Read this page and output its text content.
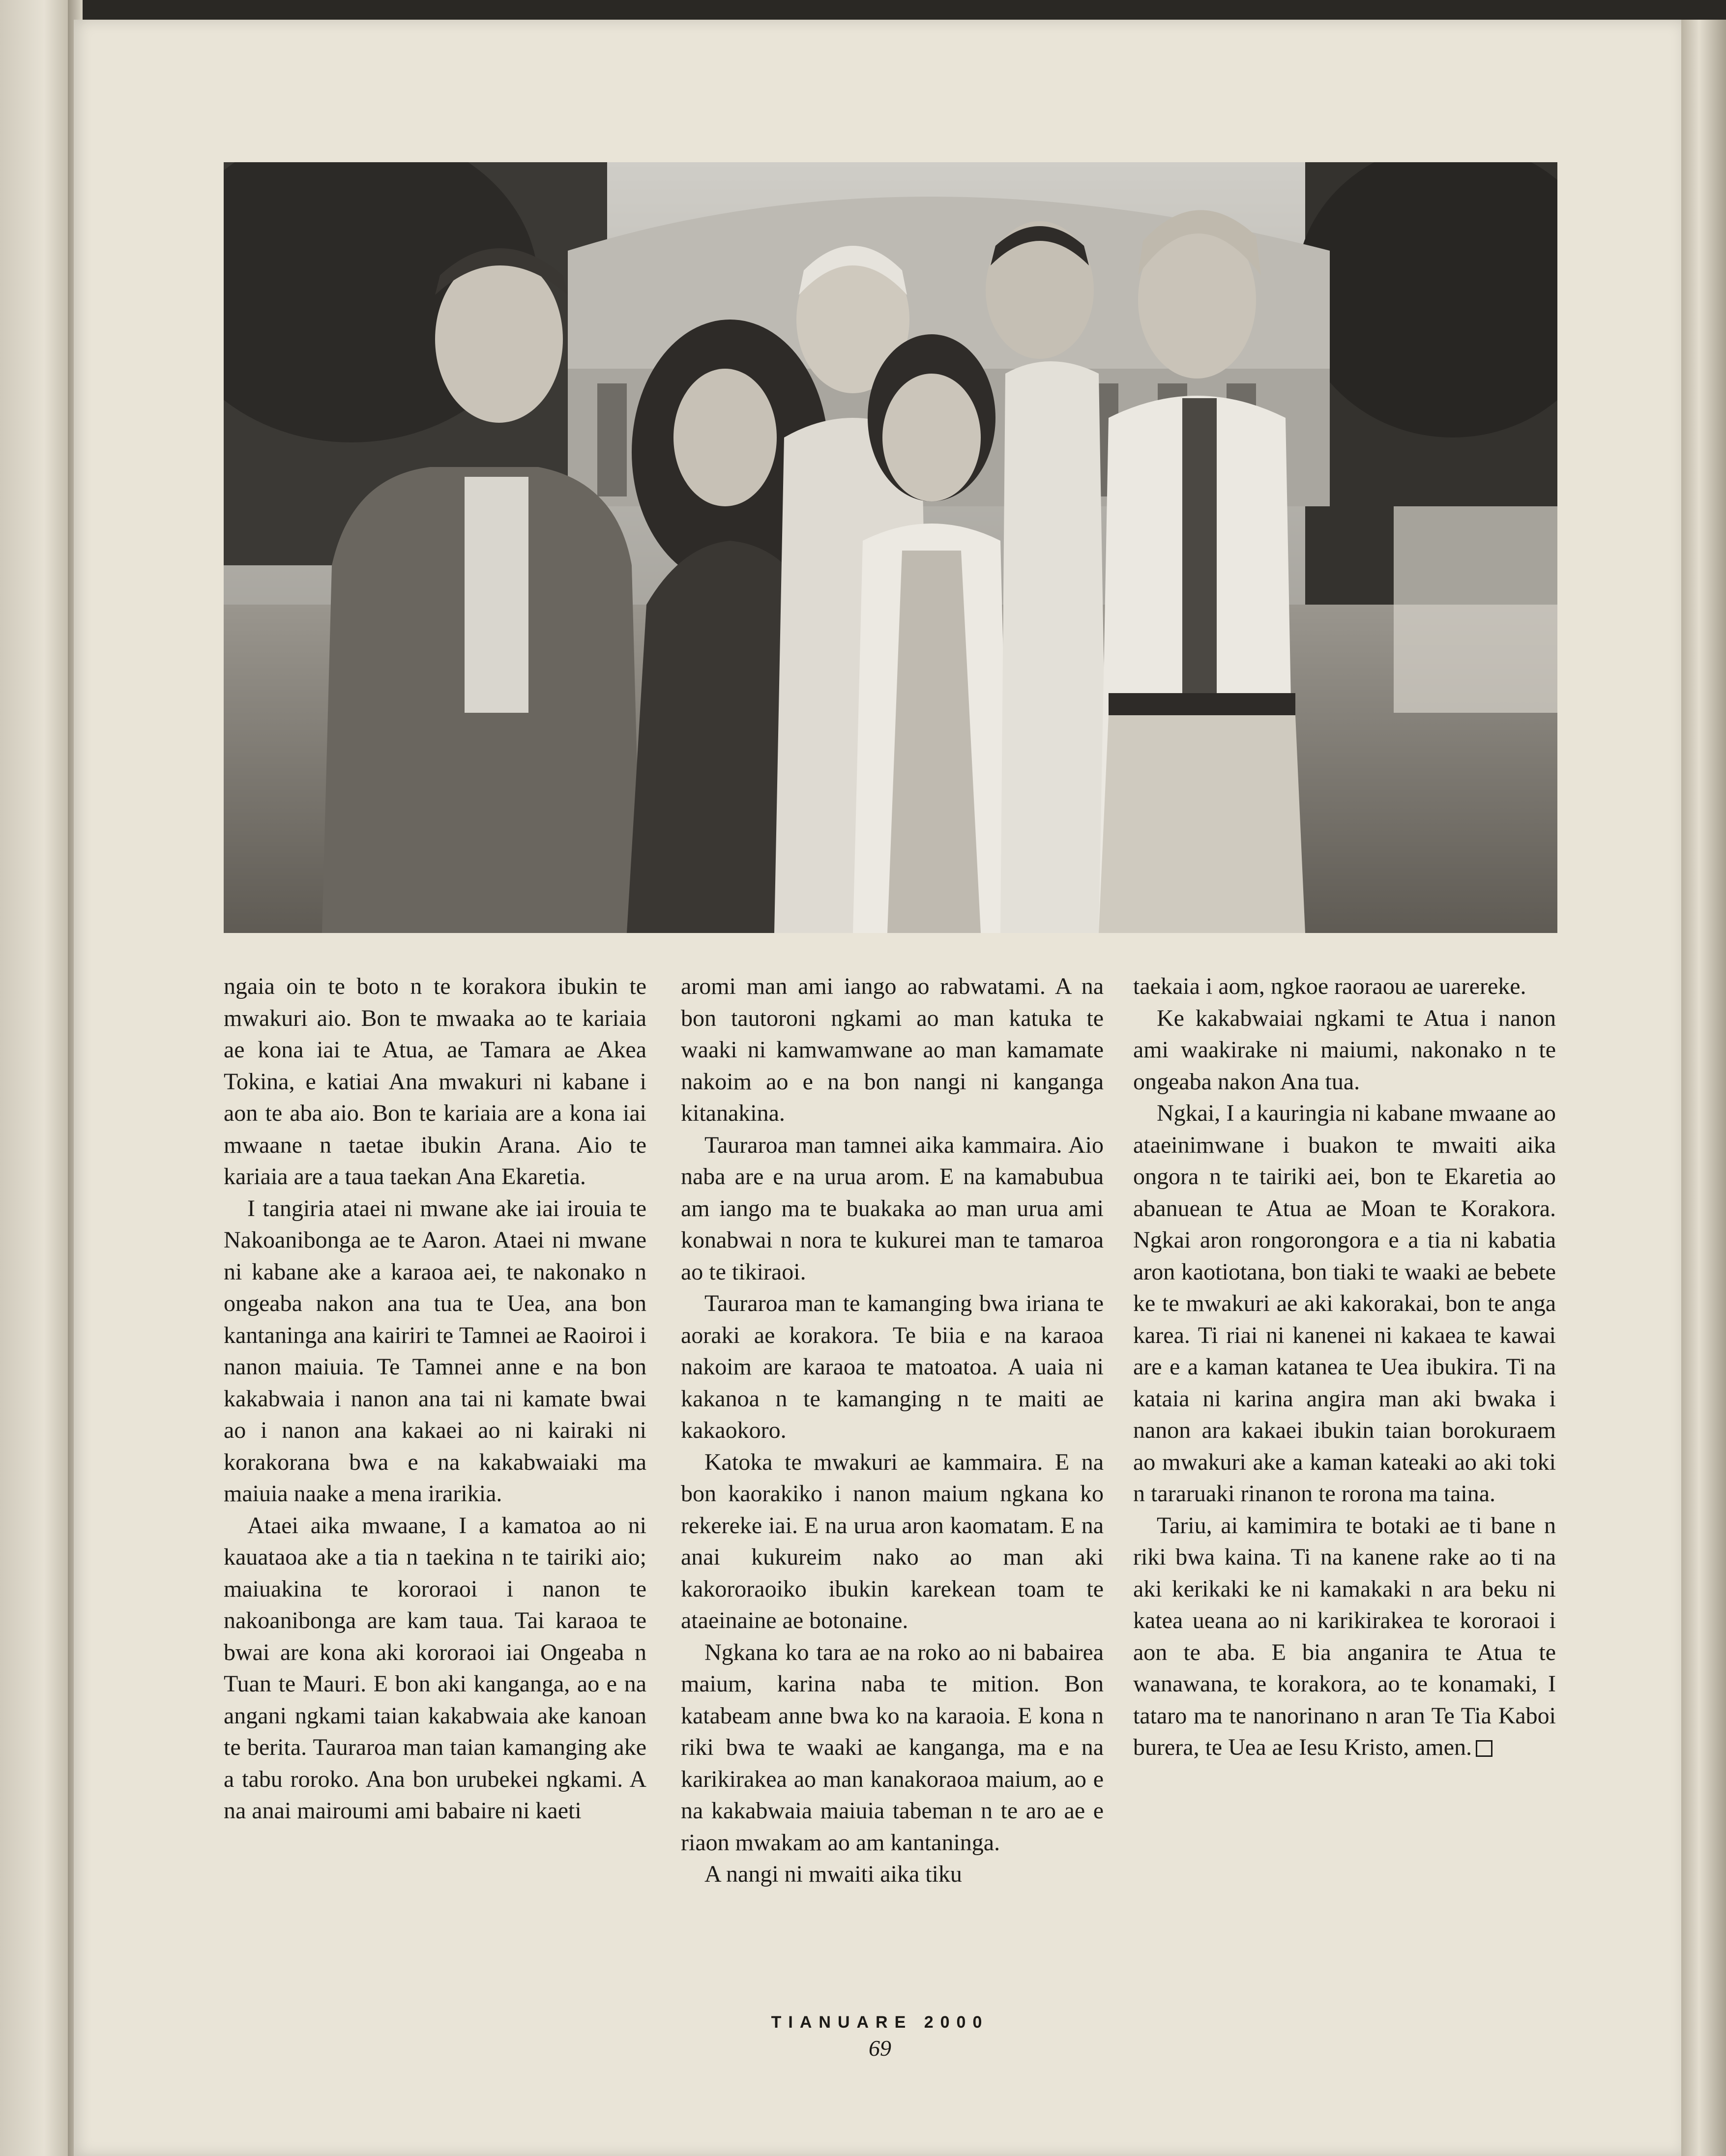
ngaia oin te boto n te korakora ibukin te mwakuri aio. Bon te mwaaka ao te kariaia ae kona iai te Atua, ae Tamara ae Akea Tokina, e katiai Ana mwakuri ni kabane i aon te aba aio. Bon te kariaia are a kona iai mwaane n taetae ibukin Arana. Aio te kariaia are a taua taekan Ana Ekaretia.

I tangiria ataei ni mwane ake iai irouia te Nakoanibonga ae te Aaron. Ataei ni mwane ni kabane ake a karaoa aei, te nakonako n ongeaba nakon ana tua te Uea, ana bon kantaninga ana kairiri te Tamnei ae Raoiroi i nanon maiuia. Te Tamnei anne e na bon kakabwaia i nanon ana tai ni kamate bwai ao i nanon ana kakaei ao ni kairaki ni korakorana bwa e na kakabwaiaki ma maiuia naake a mena irarikia.

Ataei aika mwaane, I a kamatoa ao ni kauataoa ake a tia n taekina n te tairiki aio; maiuakina te kororaoi i nanon te nakoanibonga are kam taua. Tai karaoa te bwai are kona aki kororaoi iai Ongeaba n Tuan te Mauri. E bon aki kanganga, ao e na angani ngkami taian kakabwaia ake kanoan te berita. Tauraroa man taian kamanging ake a tabu roroko. Ana bon urubekei ngkami. A na anai mairoumi ami babaire ni kaeti

aromi man ami iango ao rabwatami. A na bon tautoroni ngkami ao man katuka te waaki ni kamwamwane ao man kamamate nakoim ao e na bon nangi ni kanganga kitanakina.

Tauraroa man tamnei aika kammaira. Aio naba are e na urua arom. E na kamabubua am iango ma te buakaka ao man urua ami konabwai n nora te kukurei man te tamaroa ao te tikiraoi.

Tauraroa man te kamanging bwa iriana te aoraki ae korakora. Te biia e na karaoa nakoim are karaoa te matoatoa. A uaia ni kakanoa n te kamanging n te maiti ae kakaokoro.

Katoka te mwakuri ae kammaira. E na bon kaorakiko i nanon maium ngkana ko rekereke iai. E na urua aron kaomatam. E na anai kukureim nako ao man aki kakororaoiko ibukin karekean toam te ataeinaine ae botonaine.

Ngkana ko tara ae na roko ao ni babairea maium, karina naba te mition. Bon katabeam anne bwa ko na karaoia. E kona n riki bwa te waaki ae kanganga, ma e na karikirakea ao man kanakoraoa maium, ao e na kakabwaia maiuia tabeman n te aro ae e riaon mwakam ao am kantaninga.

A nangi ni mwaiti aika tiku

taekaia i aom, ngkoe raoraou ae uarereke.

Ke kakabwaiai ngkami te Atua i nanon ami waakirake ni maiumi, nakonako n te ongeaba nakon Ana tua.

Ngkai, I a kauringia ni kabane mwaane ao ataeinimwane i buakon te mwaiti aika ongora n te tairiki aei, bon te Ekaretia ao abanuean te Atua ae Moan te Korakora. Ngkai aron rongorongora e a tia ni kabatia aron kaotiotana, bon tiaki te waaki ae bebete ke te mwakuri ae aki kakorakai, bon te anga karea. Ti riai ni kanenei ni kakaea te kawai are e a kaman katanea te Uea ibukira. Ti na kataia ni karina angira man aki bwaka i nanon ara kakaei ibukin taian borokuraem ao mwakuri ake a kaman kateaki ao aki toki n tararuaki rinanon te rorona ma taina.

Tariu, ai kamimira te botaki ae ti bane n riki bwa kaina. Ti na kanene rake ao ti na aki kerikaki ke ni kamakaki n ara beku ni katea ueana ao ni karikirakea te kororaoi i aon te aba. E bia anganira te Atua te wanawana, te korakora, ao te konamaki, I tataro ma te nanorinano n aran Te Tia Kaboi burera, te Uea ae Iesu Kristo, amen.

TIANUARE 2000
69
